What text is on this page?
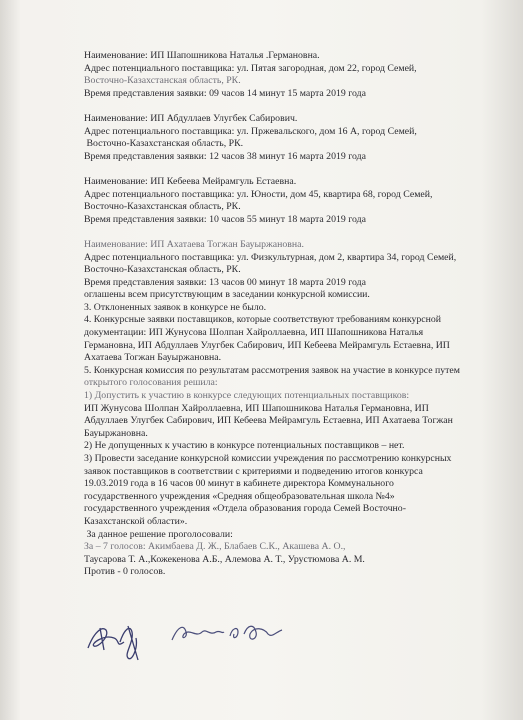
Наименование: ИП Шапошникова Наталья .Германовна.
Адрес потенциального поставщика: ул. Пятая загородная, дом 22, город Семей,
Восточно-Казахстанская область, РК.
Время представления заявки: 09 часов 14 минут 15 марта 2019 года
Наименование: ИП Абдуллаев Улугбек Сабирович.
Адрес потенциального поставщика: ул. Пржевальского, дом 16 А, город Семей,
Восточно-Казахстанская область, РК.
Время представления заявки: 12 часов 38 минут 16 марта 2019 года
Наименование: ИП Кебеева Мейрамгуль Естаевна.
Адрес потенциального поставщика: ул. Юности, дом 45, квартира 68, город Семей,
Восточно-Казахстанская область, РК.
Время представления заявки: 10 часов 55 минут 18 марта 2019 года
Наименование: ИП Ахатаева Тогжан Бауыржановна.
Адрес потенциального поставщика: ул. Физкультурная, дом 2, квартира 34, город Семей,
Восточно-Казахстанская область, РК.
Время представления заявки: 13 часов 00 минут 18 марта 2019 года
оглашены всем присутствующим в заседании конкурсной комиссии.
3. Отклоненных заявок в конкурсе не было.
4. Конкурсные заявки поставщиков, которые соответствуют требованиям конкурсной
документации: ИП Жунусова Шолпан Хайроллаевна, ИП Шапошникова Наталья
Германовна, ИП Абдуллаев Улугбек Сабирович, ИП Кебеева Мейрамгуль Естаевна, ИП
Ахатаева Тогжан Бауыржановна.
5. Конкурсная комиссия по результатам рассмотрения заявок на участие в конкурсе путем
открытого голосования решила:
1) Допустить к участию в конкурсе следующих потенциальных поставщиков:
ИП Жунусова Шолпан Хайроллаевна, ИП Шапошникова Наталья Германовна, ИП
Абдуллаев Улугбек Сабирович, ИП Кебеева Мейрамгуль Естаевна, ИП Ахатаева Тогжан
Бауыржановна.
2) Не допущенных к участию в конкурсе потенциальных поставщиков – нет.
3) Провести заседание конкурсной комиссии учреждения по рассмотрению конкурсных
заявок поставщиков в соответствии с критериями и подведению итогов конкурса
19.03.2019 года в 16 часов 00 минут в кабинете директора Коммунального
государственного учреждения «Средняя общеобразовательная школа №4»
государственного учреждения «Отдела образования города Семей Восточно-
Казахстанской области».
За данное решение проголосовали:
За – 7 голосов: Акимбаева Д. Ж., Блабаев С.К., Акашева А. О.,
Таусарова Т. А.,Кожекенова А.Б., Алемова А. Т., Урустюмова А. М.
Против - 0 голосов.
